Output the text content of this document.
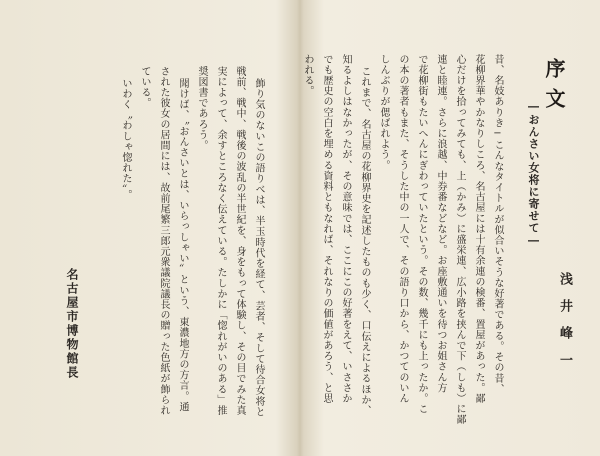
序文
―おんさい女将に寄せて―
浅井峰一
昔、名妓ありき−こんなタイトルが似合いそうな好著である。その昔、
花柳界華やかなりしころ、名古屋には十有余連の検番、置屋があった。鄙
心だけを拾ってみても、上（かみ）に盛栄連、広小路を挟んで下（しも）に鄙
連と睦連。さらに浪越、中券番などなど。お座敷通いを待つお姐さん方
で花柳街もたいへんにぎわっていたという。その数、幾千にも上ったか。こ
の本の著者もまた、そうした中の一人で、その語り口から、かつてのいん
しんぶりが偲ばれよう。
これまで、名古屋の花柳界史を記述したものも少く、口伝えによるほか、
知るよしはなかったが、その意味では、ここにこの好著をえて、いささか
でも歴史の空白を埋める資料ともなれば、それなりの価値があろう、と思
われる。
飾り気のないこの語りべは、半玉時代を経て、芸者、そして待合女将と
戦前、戦中、戦後の波乱の半世紀を、身をもって体験し、その目でみた真
実によって、余すところなく伝えている。たしかに「惚れがいのある」推
奨図書であろう。
聞けば、〝おんさいとは、いらっしゃい〟という、東濃地方の方言。通
された彼女の居間には、故前尾繁三郎元衆議院議長の贈った色紙が飾られ
ている。
いわく〝わしゃ惚れた〟。
名古屋市博物館長
